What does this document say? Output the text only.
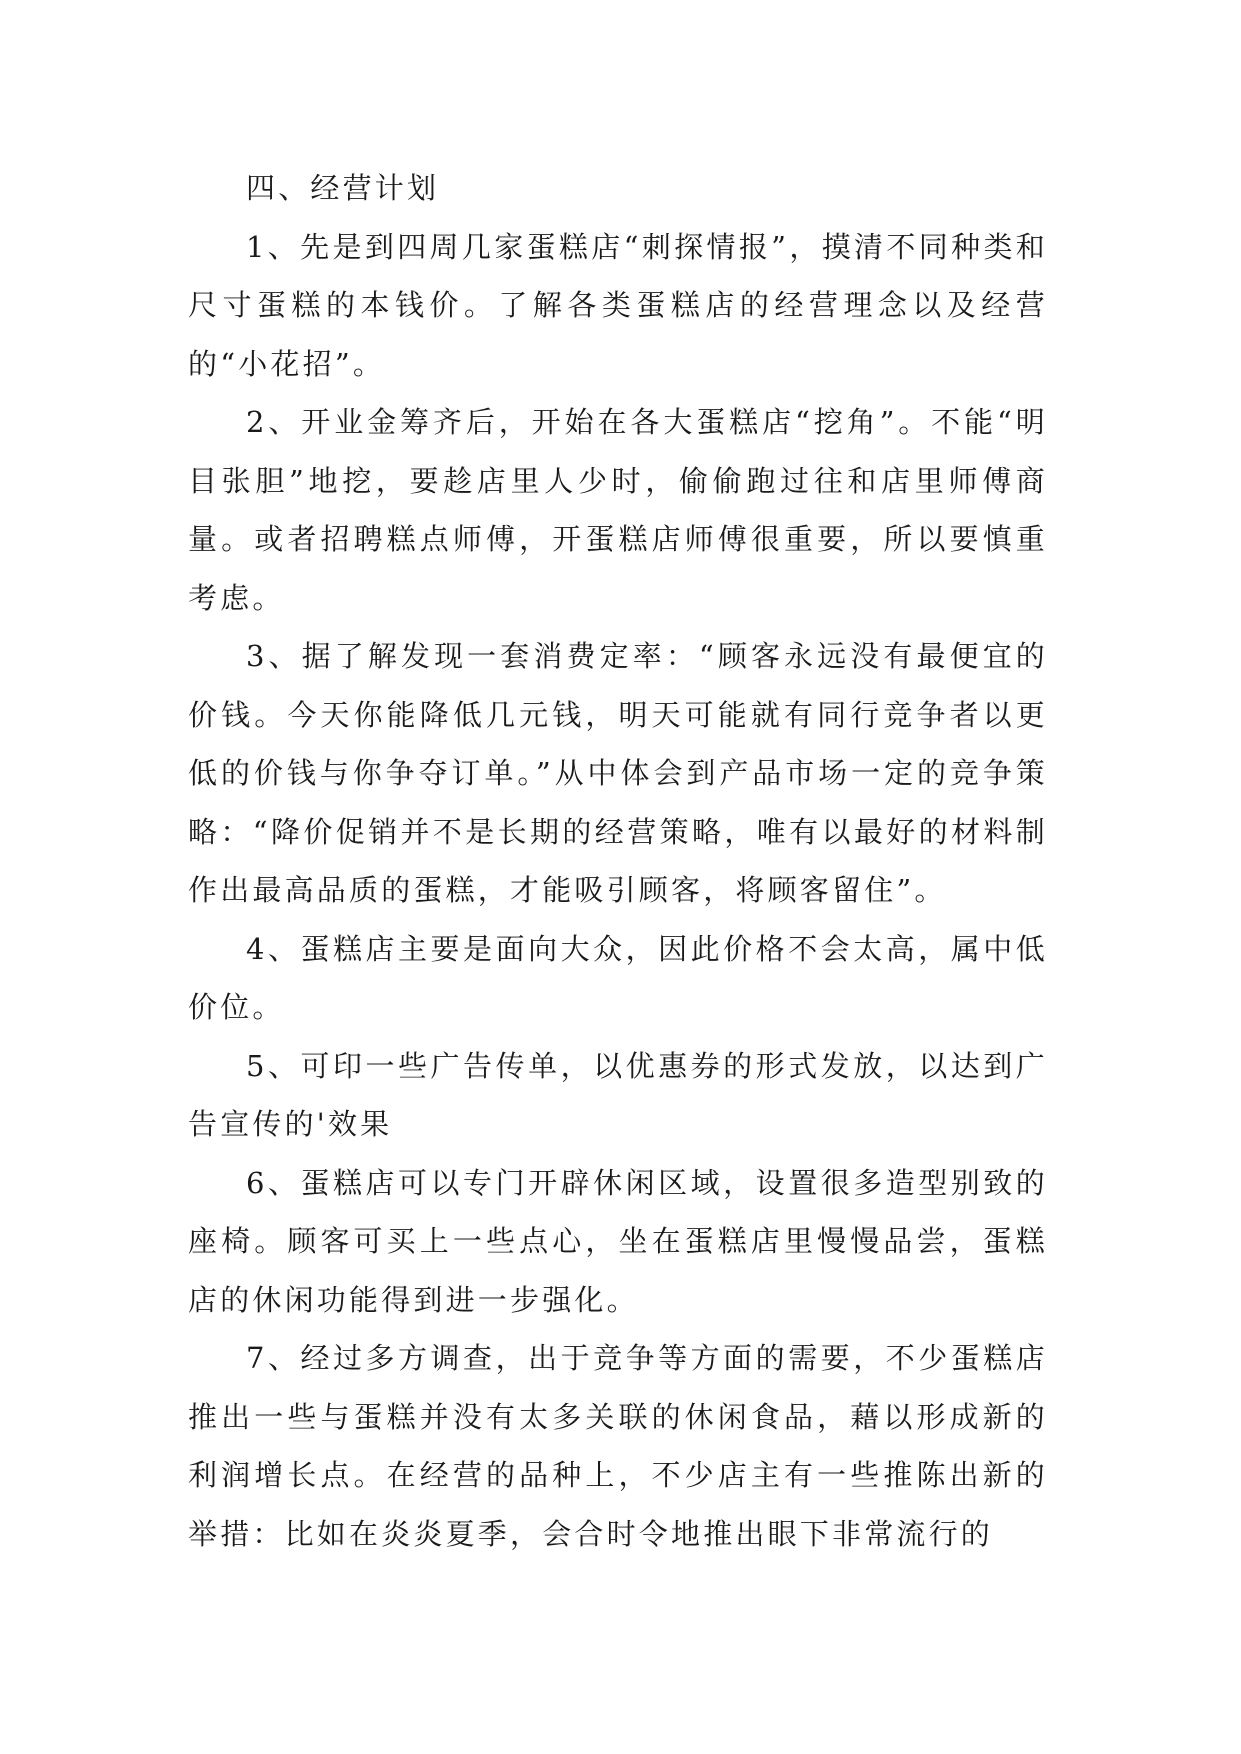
四、经营计划

1、先是到四周几家蛋糕店“刺探情报”，摸清不同种类和尺寸蛋糕的本钱价。了解各类蛋糕店的经营理念以及经营的“小花招”。

2、开业金筹齐后，开始在各大蛋糕店“挖角”。不能“明目张胆”地挖，要趁店里人少时，偷偷跑过往和店里师傅商量。或者招聘糕点师傅，开蛋糕店师傅很重要，所以要慎重考虑。

3、据了解发现一套消费定率：“顾客永远没有最便宜的价钱。今天你能降低几元钱，明天可能就有同行竞争者以更低的价钱与你争夺订单。”从中体会到产品市场一定的竞争策略：“降价促销并不是长期的经营策略，唯有以最好的材料制作出最高品质的蛋糕，才能吸引顾客，将顾客留住”。

4、蛋糕店主要是面向大众，因此价格不会太高，属中低价位。

5、可印一些广告传单，以优惠券的形式发放，以达到广告宣传的'效果

6、蛋糕店可以专门开辟休闲区域，设置很多造型别致的座椅。顾客可买上一些点心，坐在蛋糕店里慢慢品尝，蛋糕店的休闲功能得到进一步强化。

7、经过多方调查，出于竞争等方面的需要，不少蛋糕店推出一些与蛋糕并没有太多关联的休闲食品，藉以形成新的利润增长点。在经营的品种上，不少店主有一些推陈出新的举措：比如在炎炎夏季，会合时令地推出眼下非常流行的
